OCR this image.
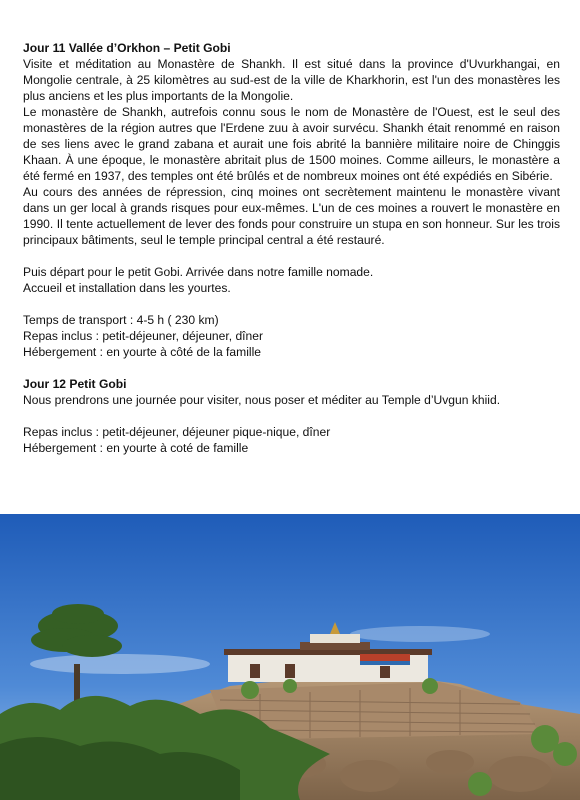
Jour 11 Vallée d’Orkhon – Petit Gobi
Visite et méditation au Monastère de Shankh. Il est situé dans la province d'Uvurkhangai, en Mongolie centrale, à 25 kilomètres au sud-est de la ville de Kharkhorin, est l'un des monastères les plus anciens et les plus importants de la Mongolie.
Le monastère de Shankh, autrefois connu sous le nom de Monastère de l'Ouest, est le seul des monastères de la région autres que l'Erdene zuu à avoir survécu. Shankh était renommé en raison de ses liens avec le grand zabana et aurait une fois abrité la bannière militaire noire de Chinggis Khaan. À une époque, le monastère abritait plus de 1500 moines. Comme ailleurs, le monastère a été fermé en 1937, des temples ont été brûlés et de nombreux moines ont été expédiés en Sibérie.
Au cours des années de répression, cinq moines ont secrètement maintenu le monastère vivant dans un ger local à grands risques pour eux-mêmes. L'un de ces moines a rouvert le monastère en 1990. Il tente actuellement de lever des fonds pour construire un stupa en son honneur. Sur les trois principaux bâtiments, seul le temple principal central a été restauré.
Puis départ pour le petit Gobi. Arrivée dans notre famille nomade.
Accueil et installation dans les yourtes.
Temps de transport : 4-5 h ( 230 km)
Repas inclus : petit-déjeuner, déjeuner, dîner
Hébergement : en yourte à côté de la famille
Jour 12 Petit Gobi
Nous prendrons une journée pour visiter, nous poser et méditer au Temple d’Uvgun khiid.
Repas inclus : petit-déjeuner, déjeuner pique-nique, dîner
Hébergement : en yourte à coté de famille
